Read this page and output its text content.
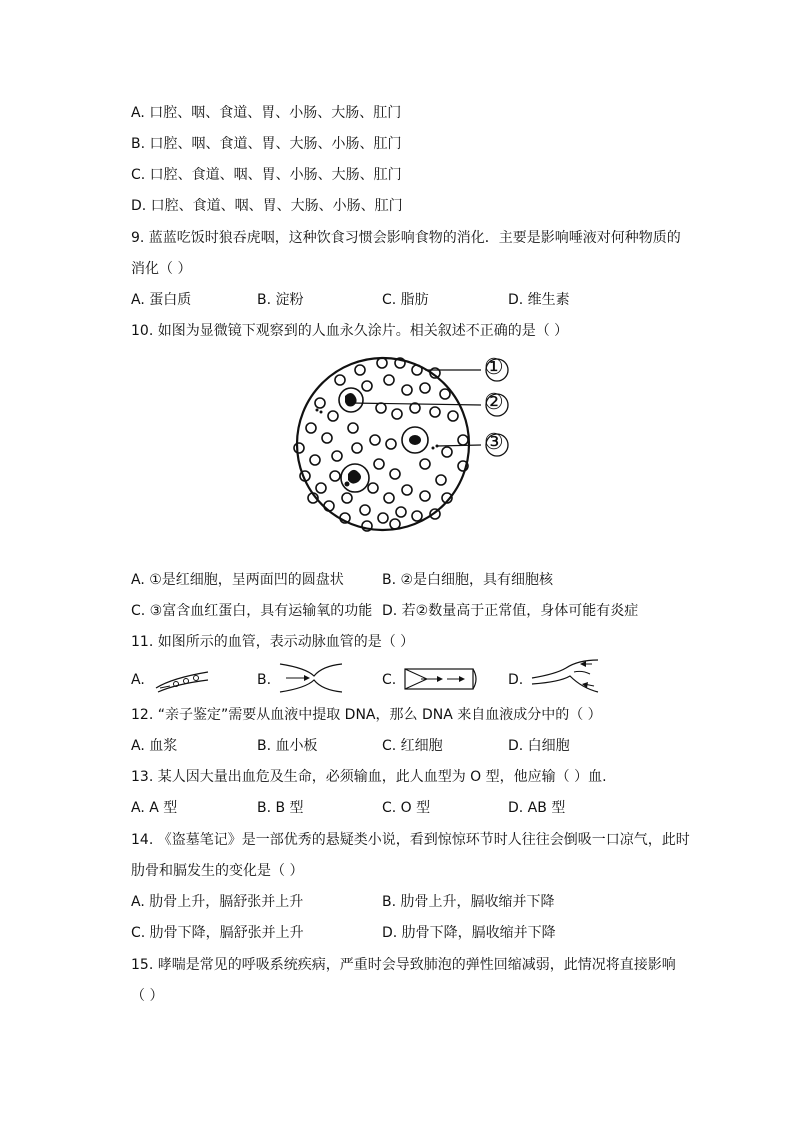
A. 口腔、咽、食道、胃、小肠、大肠、肛门
B. 口腔、咽、食道、胃、大肠、小肠、肛门
C. 口腔、食道、咽、胃、小肠、大肠、肛门
D. 口腔、食道、咽、胃、大肠、小肠、肛门
9. 蓝蓝吃饭时狼吞虎咽，这种饮食习惯会影响食物的消化．主要是影响唾液对何种物质的
消化（ ）
A. 蛋白质	B. 淀粉	C. 脂肪	D. 维生素
10. 如图为显微镜下观察到的人血永久涂片。相关叙述不正确的是（ ）
①
②
③
A. ①是红细胞，呈两面凹的圆盘状	B. ②是白细胞，具有细胞核
C. ③富含血红蛋白，具有运输氧的功能 D. 若②数量高于正常值，身体可能有炎症
11. 如图所示的血管，表示动脉血管的是（ ）
A.	B.	C.	D.
12. “亲子鉴定”需要从血液中提取 DNA，那么 DNA 来自血液成分中的（ ）
A. 血浆	B. 血小板	C. 红细胞	D. 白细胞
13. 某人因大量出血危及生命，必须输血，此人血型为 O 型，他应输（ ）血.
A. A 型	B. B 型	C. O 型	D. AB 型
14. 《盗墓笔记》是一部优秀的悬疑类小说，看到惊惊环节时人往往会倒吸一口凉气，此时
肋骨和膈发生的变化是（ ）
A. 肋骨上升，膈舒张并上升	B. 肋骨上升，膈收缩并下降
C. 肋骨下降，膈舒张并上升	D. 肋骨下降，膈收缩并下降
15. 哮喘是常见的呼吸系统疾病，严重时会导致肺泡的弹性回缩减弱，此情况将直接影响
（ ）
